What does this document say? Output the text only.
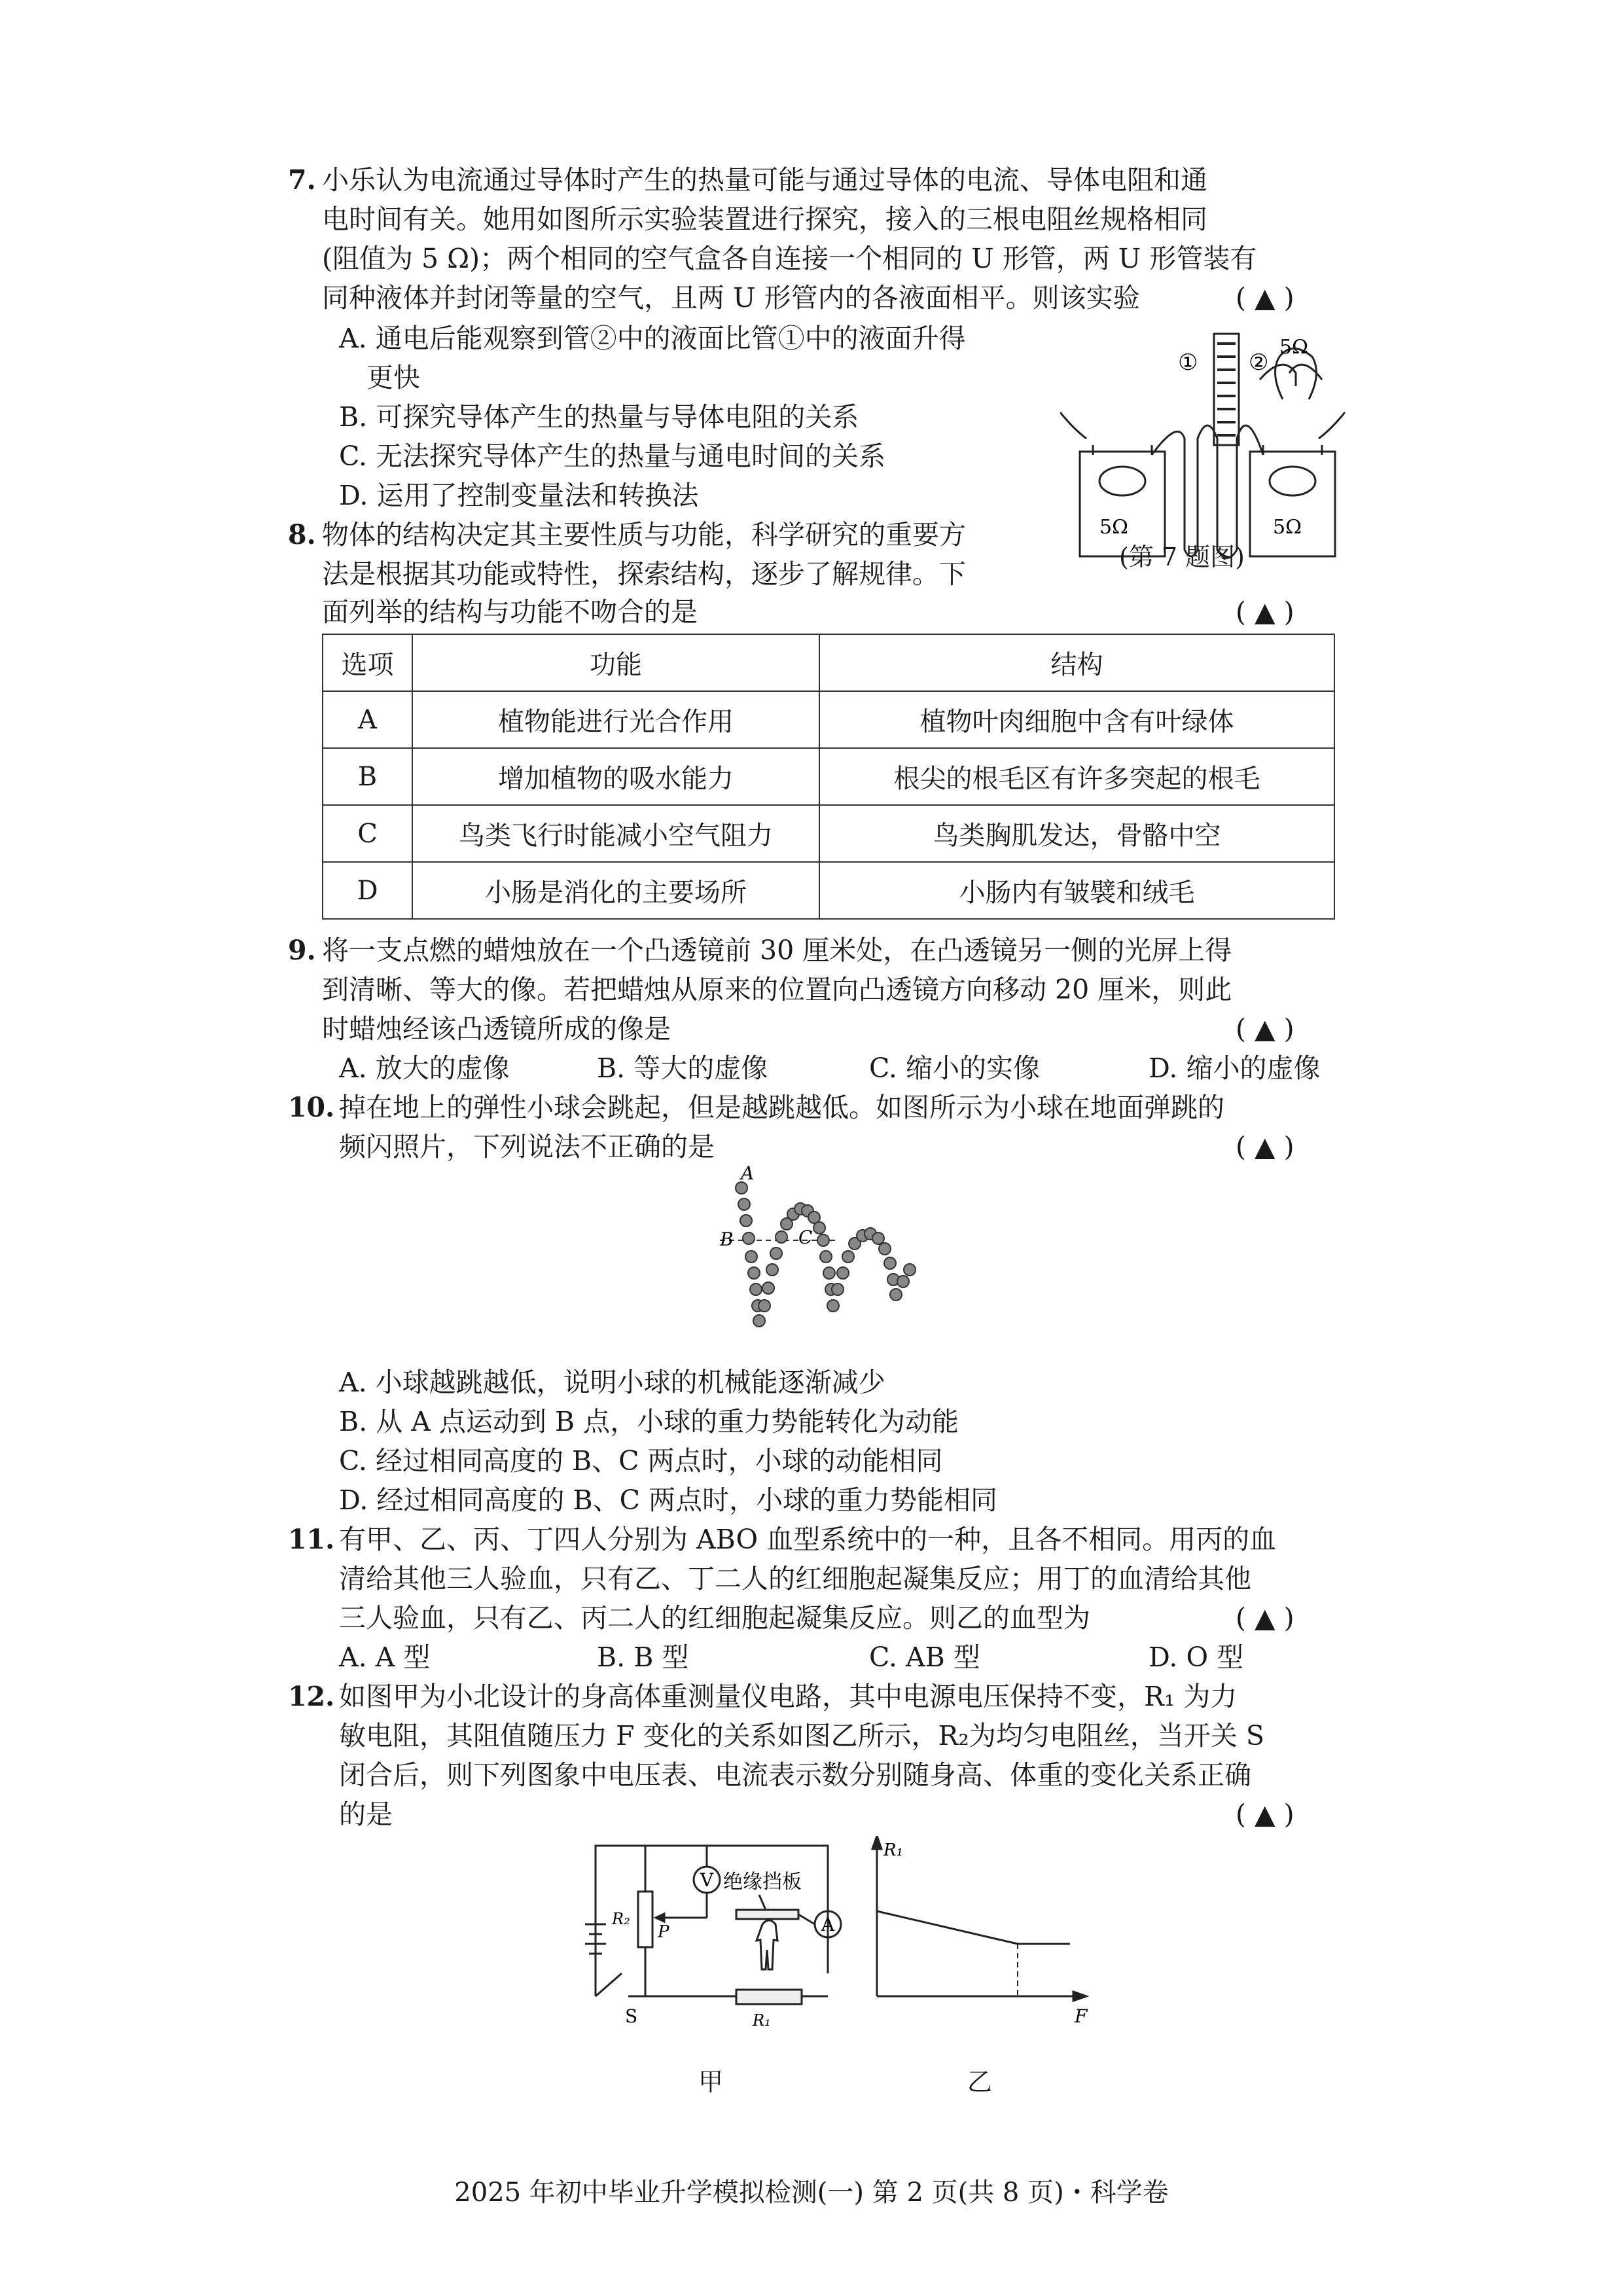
7. 小乐认为电流通过导体时产生的热量可能与通过导体的电流、导体电阻和通
电时间有关。她用如图所示实验装置进行探究，接入的三根电阻丝规格相同
(阻值为 5 Ω)；两个相同的空气盒各自连接一个相同的 U 形管，两 U 形管装有
同种液体并封闭等量的空气，且两 U 形管内的各液面相平。则该实验	( ▲ )
A. 通电后能观察到管②中的液面比管①中的液面升得
更快
B. 可探究导体产生的热量与导体电阻的关系
C. 无法探究导体产生的热量与通电时间的关系
D. 运用了控制变量法和转换法
① ②
5Ω
5Ω	5Ω
(第 7 题图)
8. 物体的结构决定其主要性质与功能，科学研究的重要方
法是根据其功能或特性，探索结构，逐步了解规律。下
面列举的结构与功能不吻合的是	( ▲ )
选项	功能	结构
A	植物能进行光合作用	植物叶肉细胞中含有叶绿体
B	增加植物的吸水能力	根尖的根毛区有许多突起的根毛
C	鸟类飞行时能减小空气阻力	鸟类胸肌发达，骨骼中空
D	小肠是消化的主要场所	小肠内有皱襞和绒毛
9. 将一支点燃的蜡烛放在一个凸透镜前 30 厘米处，在凸透镜另一侧的光屏上得
到清晰、等大的像。若把蜡烛从原来的位置向凸透镜方向移动 20 厘米，则此
时蜡烛经该凸透镜所成的像是	( ▲ )
A. 放大的虚像	B. 等大的虚像	C. 缩小的实像	D. 缩小的虚像
10. 掉在地上的弹性小球会跳起，但是越跳越低。如图所示为小球在地面弹跳的
频闪照片，下列说法不正确的是	( ▲ )
A
B	C
A. 小球越跳越低，说明小球的机械能逐渐减少
B. 从 A 点运动到 B 点，小球的重力势能转化为动能
C. 经过相同高度的 B、C 两点时，小球的动能相同
D. 经过相同高度的 B、C 两点时，小球的重力势能相同
11. 有甲、乙、丙、丁四人分别为 ABO 血型系统中的一种，且各不相同。用丙的血
清给其他三人验血，只有乙、丁二人的红细胞起凝集反应；用丁的血清给其他
三人验血，只有乙、丙二人的红细胞起凝集反应。则乙的血型为	( ▲ )
A. A 型	B. B 型	C. AB 型	D. O 型
12. 如图甲为小北设计的身高体重测量仪电路，其中电源电压保持不变，R₁ 为力
敏电阻，其阻值随压力 F 变化的关系如图乙所示，R₂为均匀电阻丝，当开关 S
闭合后，则下列图象中电压表、电流表示数分别随身高、体重的变化关系正确
的是	( ▲ )
V
A
绝缘挡板
R₂
P
S	R₁
甲
R₁
F
乙
2025 年初中毕业升学模拟检测(一) 第 2 页(共 8 页)・科学卷
